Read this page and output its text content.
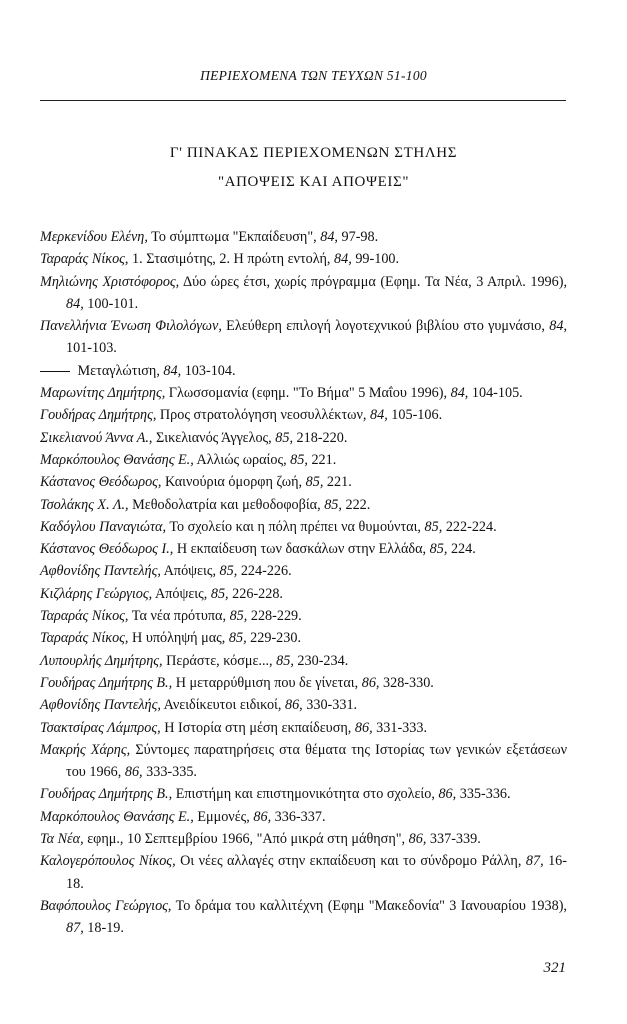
ΠΕΡΙΕΧΟΜΕΝΑ ΤΩΝ ΤΕΥΧΩΝ 51-100
Γ' ΠΙΝΑΚΑΣ ΠΕΡΙΕΧΟΜΕΝΩΝ ΣΤΗΛΗΣ
"ΑΠΟΨΕΙΣ ΚΑΙ ΑΠΟΨΕΙΣ"
Μερκενίδου Ελένη, Το σύμπτωμα "Εκπαίδευση", 84, 97-98.
Ταραράς Νίκος, 1. Στασιμότης, 2. Η πρώτη εντολή, 84, 99-100.
Μηλιώνης Χριστόφορος, Δύο ώρες έτσι, χωρίς πρόγραμμα (Εφημ. Τα Νέα, 3 Απριλ. 1996), 84, 100-101.
Πανελλήνια Ένωση Φιλολόγων, Ελεύθερη επιλογή λογοτεχνικού βιβλίου στο γυμνάσιο, 84, 101-103.
Μεταγλώτιση, 84, 103-104.
Μαρωνίτης Δημήτρης, Γλωσσομανία (εφημ. "Το Βήμα" 5 Μαΐου 1996), 84, 104-105.
Γουδήρας Δημήτρης, Προς στρατολόγηση νεοσυλλέκτων, 84, 105-106.
Σικελιανού Άννα Α., Σικελιανός Άγγελος, 85, 218-220.
Μαρκόπουλος Θανάσης Ε., Αλλιώς ωραίος, 85, 221.
Κάστανος Θεόδωρος, Καινούρια όμορφη ζωή, 85, 221.
Τσολάκης Χ. Λ., Μεθοδολατρία και μεθοδοφοβία, 85, 222.
Καδόγλου Παναγιώτα, Το σχολείο και η πόλη πρέπει να θυμούνται, 85, 222-224.
Κάστανος Θεόδωρος Ι., Η εκπαίδευση των δασκάλων στην Ελλάδα, 85, 224.
Αφθονίδης Παντελής, Απόψεις, 85, 224-226.
Κιζλάρης Γεώργιος, Απόψεις, 85, 226-228.
Ταραράς Νίκος, Τα νέα πρότυπα, 85, 228-229.
Ταραράς Νίκος, Η υπόληψή μας, 85, 229-230.
Λυπουρλής Δημήτρης, Περάστε, κόσμε..., 85, 230-234.
Γουδήρας Δημήτρης Β., Η μεταρρύθμιση που δε γίνεται, 86, 328-330.
Αφθονίδης Παντελής, Ανειδίκευτοι ειδικοί, 86, 330-331.
Τσακτσίρας Λάμπρος, Η Ιστορία στη μέση εκπαίδευση, 86, 331-333.
Μακρής Χάρης, Σύντομες παρατηρήσεις στα θέματα της Ιστορίας των γενικών εξετάσεων του 1966, 86, 333-335.
Γουδήρας Δημήτρης Β., Επιστήμη και επιστημονικότητα στο σχολείο, 86, 335-336.
Μαρκόπουλος Θανάσης Ε., Εμμονές, 86, 336-337.
Τα Νέα, εφημ., 10 Σεπτεμβρίου 1966, "Από μικρά στη μάθηση", 86, 337-339.
Καλογερόπουλος Νίκος, Οι νέες αλλαγές στην εκπαίδευση και το σύνδρομο Ράλλη, 87, 16-18.
Βαφόπουλος Γεώργιος, Το δράμα του καλλιτέχνη (Εφημ "Μακεδονία" 3 Ιανουαρίου 1938), 87, 18-19.
321
